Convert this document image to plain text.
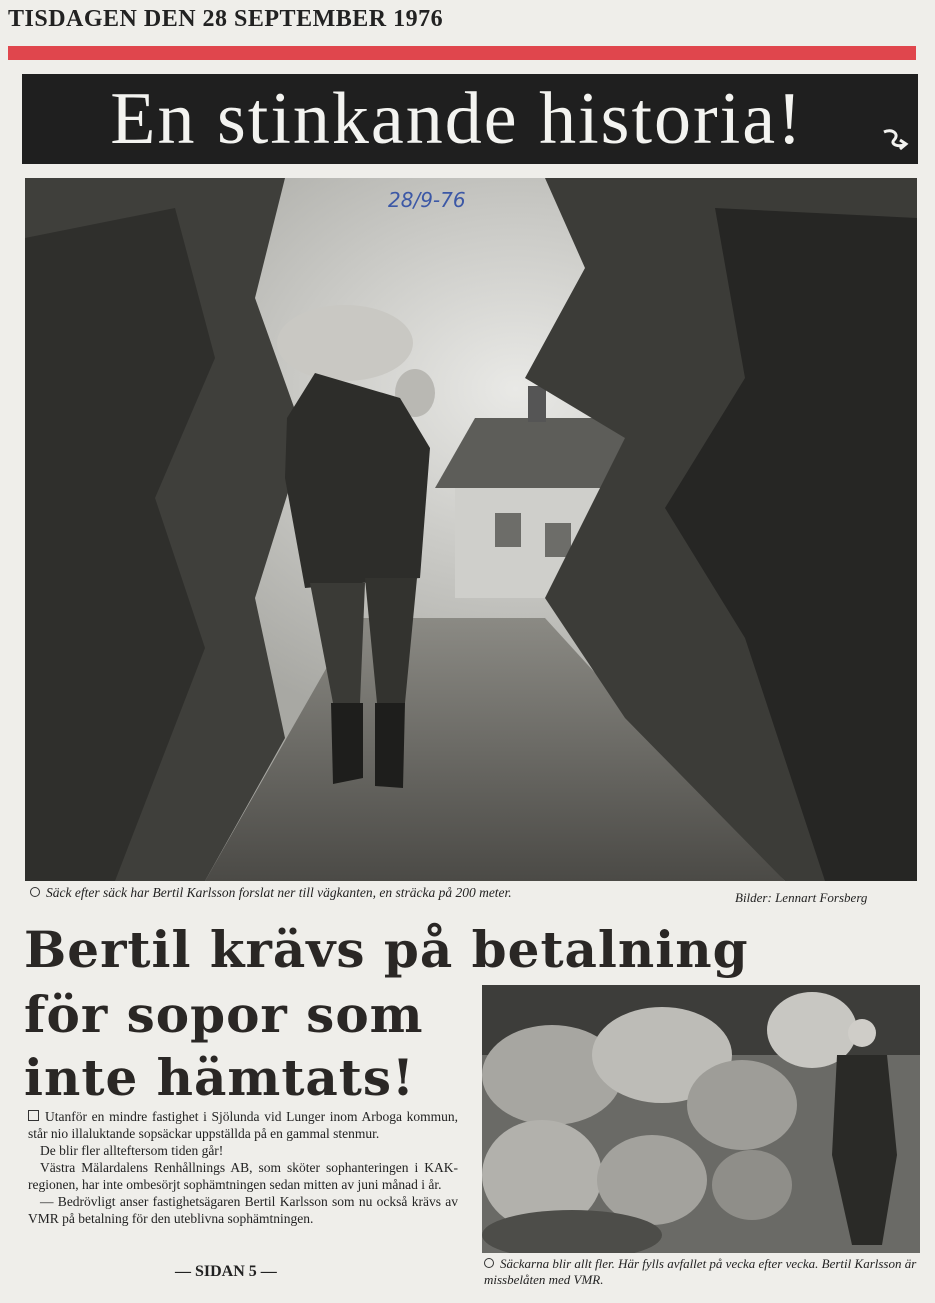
TISDAGEN DEN 28 SEPTEMBER 1976
En stinkande historia!
28/9-76
Säck efter säck har Bertil Karlsson forslat ner till vägkanten, en sträcka på 200 meter.	Bilder: Lennart Forsberg
Bertil krävs på betalning
för sopor som
inte hämtats!

Utanför en mindre fastighet i Sjölunda vid Lunger inom Arboga kommun, står nio illaluktande sopsäckar uppställda på en gammal stenmur.

De blir fler allteftersom tiden går!

Västra Mälardalens Renhållnings AB, som sköter sophanteringen i KAK-regionen, har inte ombesörjt sophämtningen sedan mitten av juni månad i år.

— Bedrövligt anser fastighetsägaren Bertil Karlsson som nu också krävs av VMR på betalning för den uteblivna sophämtningen.

— SIDAN 5 —	Säckarna blir allt fler. Här fylls avfallet på vecka efter vecka. Bertil Karlsson är missbelåten med VMR.
